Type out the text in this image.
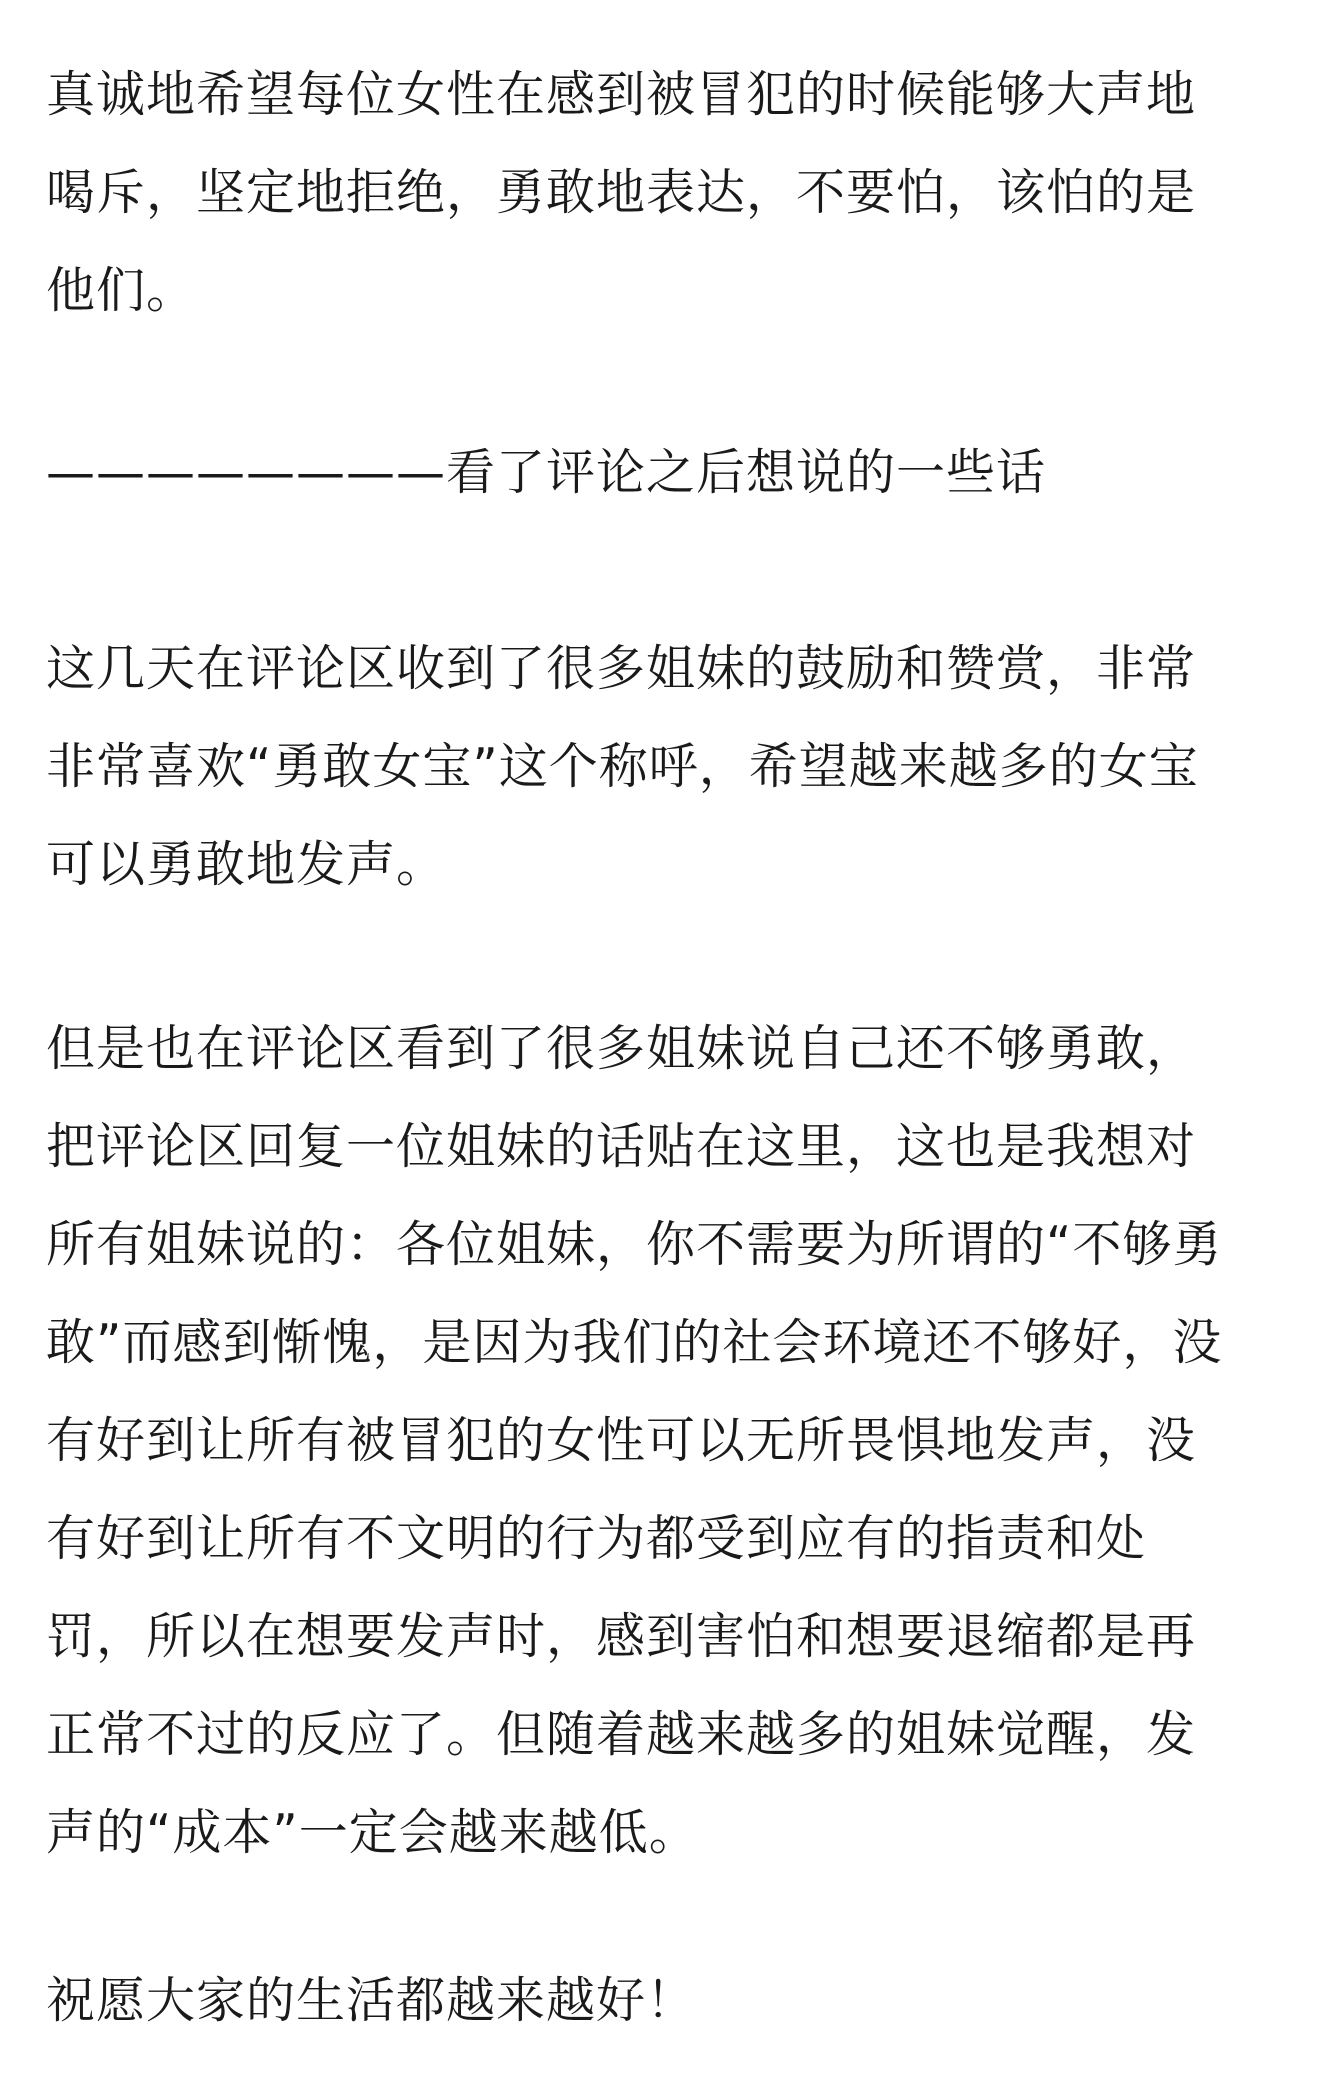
真诚地希望每位女性在感到被冒犯的时候能够大声地
喝斥，坚定地拒绝，勇敢地表达，不要怕，该怕的是
他们。
————————看了评论之后想说的一些话
这几天在评论区收到了很多姐妹的鼓励和赞赏，非常
非常喜欢“勇敢女宝”这个称呼，希望越来越多的女宝
可以勇敢地发声。
但是也在评论区看到了很多姐妹说自己还不够勇敢，
把评论区回复一位姐妹的话贴在这里，这也是我想对
所有姐妹说的：各位姐妹，你不需要为所谓的“不够勇
敢”而感到惭愧，是因为我们的社会环境还不够好，没
有好到让所有被冒犯的女性可以无所畏惧地发声，没
有好到让所有不文明的行为都受到应有的指责和处
罚，所以在想要发声时，感到害怕和想要退缩都是再
正常不过的反应了。但随着越来越多的姐妹觉醒，发
声的“成本”一定会越来越低。
祝愿大家的生活都越来越好！
